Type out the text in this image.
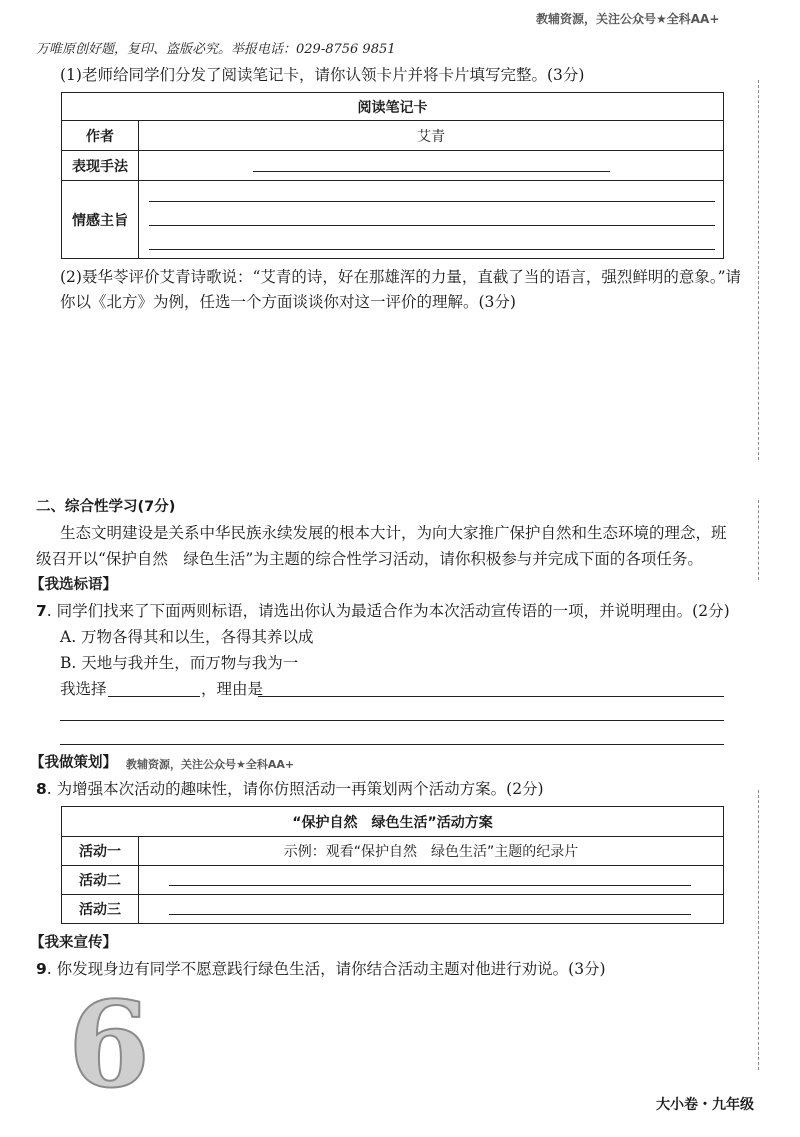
教辅资源，关注公众号★全科AA+
万唯原创好题，复印、盗版必究。举报电话：029-8756 9851
(1)老师给同学们分发了阅读笔记卡，请你认领卡片并将卡片填写完整。(3分)
阅读笔记卡	
作者	艾青
表现手法	

情感主旨	
(2)聂华苓评价艾青诗歌说：“艾青的诗，好在那雄浑的力量，直截了当的语言，强烈鲜明的意象。”请
你以《北方》为例，任选一个方面谈谈你对这一评价的理解。(3分)
二、综合性学习(7分)
生态文明建设是关系中华民族永续发展的根本大计，为向大家推广保护自然和生态环境的理念，班
级召开以“保护自然　绿色生活”为主题的综合性学习活动，请你积极参与并完成下面的各项任务。
【我选标语】
7. 同学们找来了下面两则标语，请选出你认为最适合作为本次活动宣传语的一项，并说明理由。(2分)
A. 万物各得其和以生，各得其养以成
B. 天地与我并生，而万物与我为一
我选择	，理由是
【我做策划】 教辅资源，关注公众号★全科AA+
8. 为增强本次活动的趣味性，请你仿照活动一再策划两个活动方案。(2分)
“保护自然　绿色生活”活动方案	
活动一	示例：观看“保护自然　绿色生活”主题的纪录片
活动二	

活动三	
【我来宣传】
9. 你发现身边有同学不愿意践行绿色生活，请你结合活动主题对他进行劝说。(3分)
6	大小卷・九年级
